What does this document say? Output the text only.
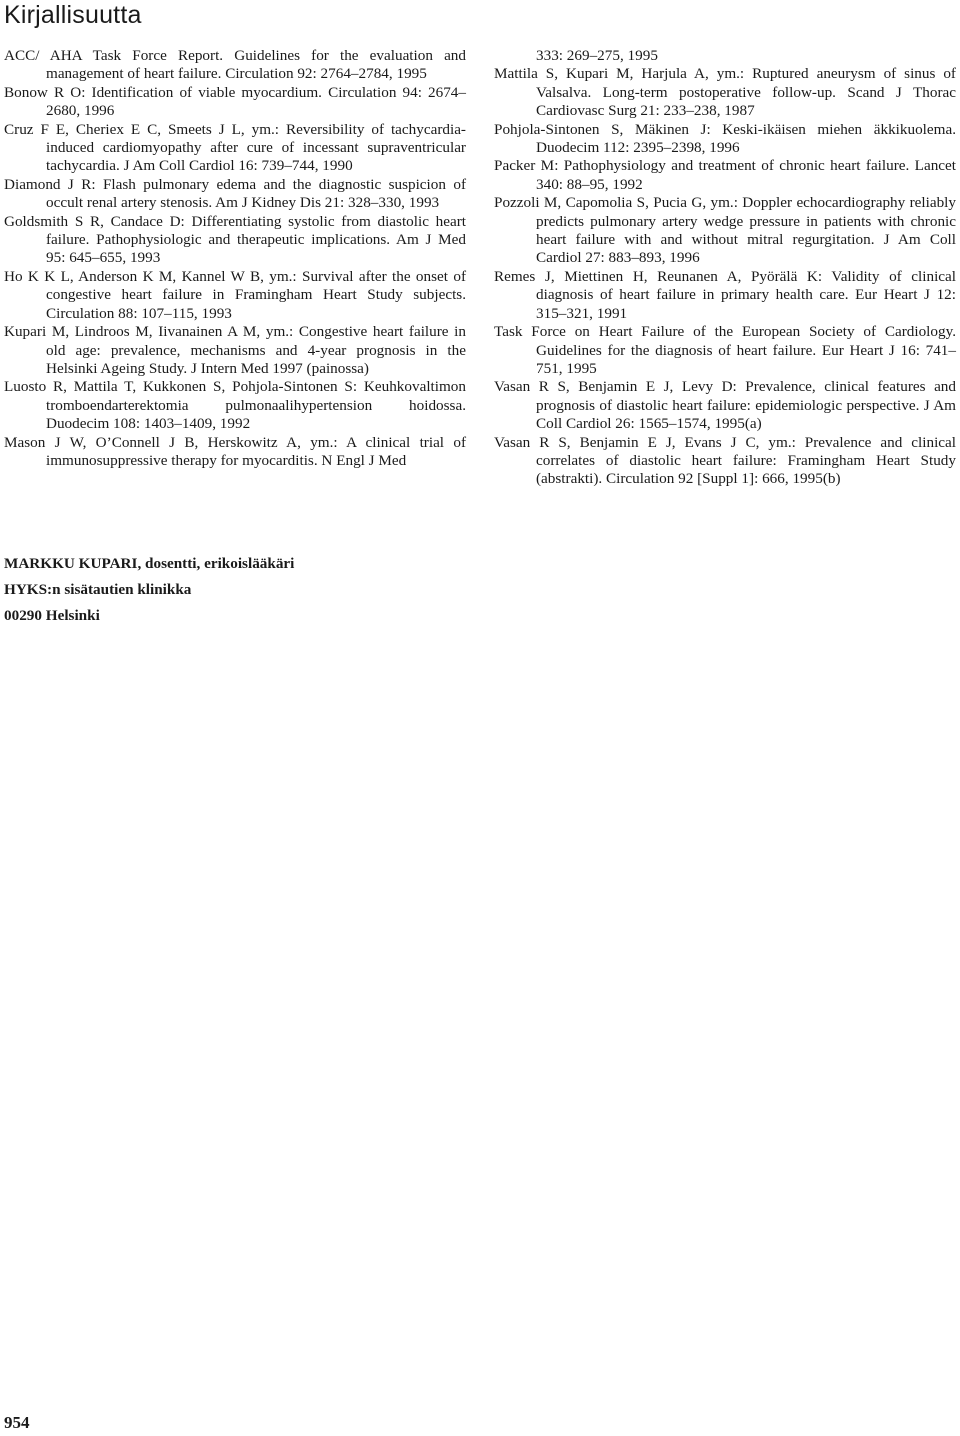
Kirjallisuutta

ACC/ AHA Task Force Report. Guidelines for the evaluation and management of heart failure. Circulation 92: 2764–2784, 1995

Bonow R O: Identification of viable myocardium. Circulation 94: 2674–2680, 1996

Cruz F E, Cheriex E C, Smeets J L, ym.: Reversibility of tachycardia-induced cardiomyopathy after cure of incessant supraventricular tachycardia. J Am Coll Cardiol 16: 739–744, 1990

Diamond J R: Flash pulmonary edema and the diagnostic suspicion of occult renal artery stenosis. Am J Kidney Dis 21: 328–330, 1993

Goldsmith S R, Candace D: Differentiating systolic from diastolic heart failure. Pathophysiologic and therapeutic implications. Am J Med 95: 645–655, 1993

Ho K K L, Anderson K M, Kannel W B, ym.: Survival after the onset of congestive heart failure in Framingham Heart Study subjects. Circulation 88: 107–115, 1993

Kupari M, Lindroos M, Iivanainen A M, ym.: Congestive heart failure in old age: prevalence, mechanisms and 4-year prognosis in the Helsinki Ageing Study. J Intern Med 1997 (painossa)

Luosto R, Mattila T, Kukkonen S, Pohjola-Sintonen S: Keuhkovaltimon tromboendarterektomia pulmonaalihypertension hoidossa. Duodecim 108: 1403–1409, 1992

Mason J W, O’Connell J B, Herskowitz A, ym.: A clinical trial of immunosuppressive therapy for myocarditis. N Engl J Med

333: 269–275, 1995

Mattila S, Kupari M, Harjula A, ym.: Ruptured aneurysm of sinus of Valsalva. Long-term postoperative follow-up. Scand J Thorac Cardiovasc Surg 21: 233–238, 1987

Pohjola-Sintonen S, Mäkinen J: Keski-ikäisen miehen äkkikuolema. Duodecim 112: 2395–2398, 1996

Packer M: Pathophysiology and treatment of chronic heart failure. Lancet 340: 88–95, 1992

Pozzoli M, Capomolia S, Pucia G, ym.: Doppler echocardiography reliably predicts pulmonary artery wedge pressure in patients with chronic heart failure with and without mitral regurgitation. J Am Coll Cardiol 27: 883–893, 1996

Remes J, Miettinen H, Reunanen A, Pyörälä K: Validity of clinical diagnosis of heart failure in primary health care. Eur Heart J 12: 315–321, 1991

Task Force on Heart Failure of the European Society of Cardiology. Guidelines for the diagnosis of heart failure. Eur Heart J 16: 741–751, 1995

Vasan R S, Benjamin E J, Levy D: Prevalence, clinical features and prognosis of diastolic heart failure: epidemiologic perspective. J Am Coll Cardiol 26: 1565–1574, 1995(a)

Vasan R S, Benjamin E J, Evans J C, ym.: Prevalence and clinical correlates of diastolic heart failure: Framingham Heart Study (abstrakti). Circulation 92 [Suppl 1]: 666, 1995(b)

MARKKU KUPARI, dosentti, erikoislääkäri
HYKS:n sisätautien klinikka
00290 Helsinki
954
